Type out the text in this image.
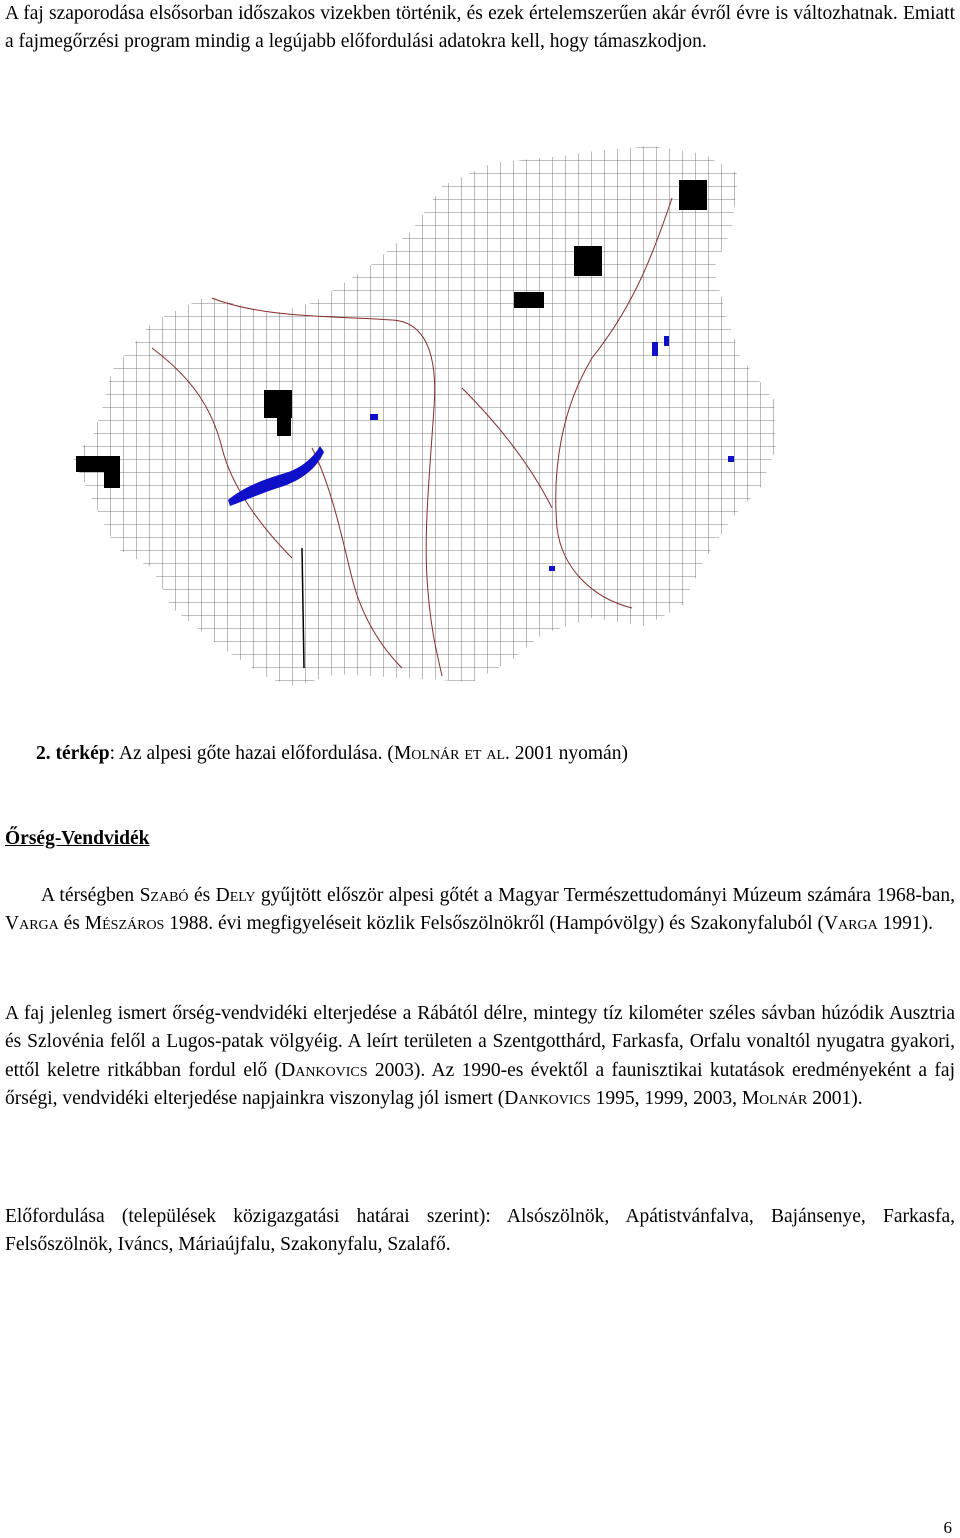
A faj szaporodása elsősorban időszakos vizekben történik, és ezek értelemszerűen akár évről évre is változhatnak. Emiatt a fajmegőrzési program mindig a legújabb előfordulási adatokra kell, hogy támaszkodjon.

2. térkép: Az alpesi gőte hazai előfordulása. (Molnár et al. 2001 nyomán)
Őrség-Vendvidék

A térségben Szabó és Dely gyűjtött először alpesi gőtét a Magyar Természettudományi Múzeum számára 1968-ban, Varga és Mészáros 1988. évi megfigyeléseit közlik Felsőszölnökről (Hampóvölgy) és Szakonyfaluból (Varga 1991).

A faj jelenleg ismert őrség-vendvidéki elterjedése a Rábától délre, mintegy tíz kilométer széles sávban húzódik Ausztria és Szlovénia felől a Lugos-patak völgyéig. A leírt területen a Szentgotthárd, Farkasfa, Orfalu vonaltól nyugatra gyakori, ettől keletre ritkábban fordul elő (Dankovics 2003). Az 1990-es évektől a faunisztikai kutatások eredményeként a faj őrségi, vendvidéki elterjedése napjainkra viszonylag jól ismert (Dankovics 1995, 1999, 2003, Molnár 2001).

Előfordulása (települések közigazgatási határai szerint): Alsószölnök, Apátistvánfalva, Bajánsenye, Farkasfa, Felsőszölnök, Iváncs, Máriaújfalu, Szakonyfalu, Szalafő.

6
